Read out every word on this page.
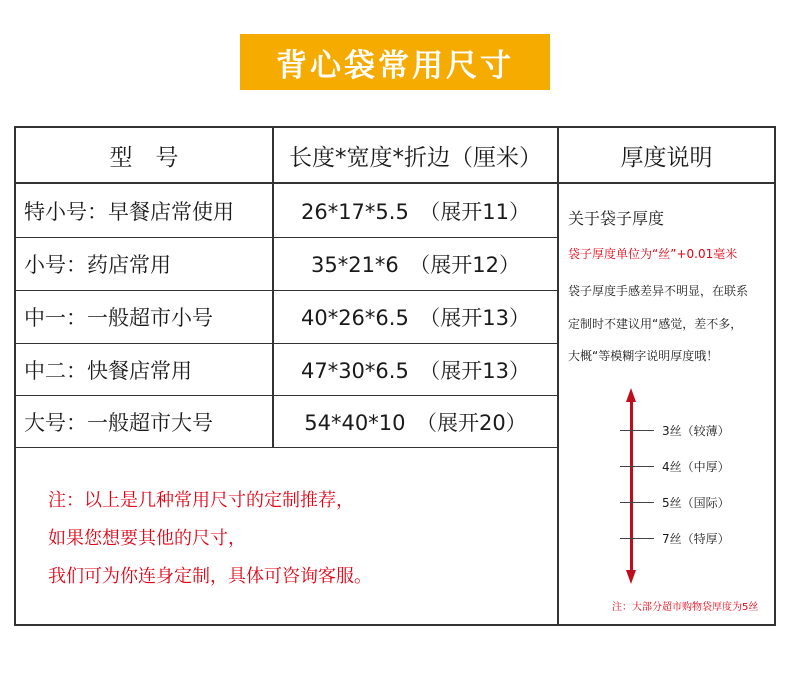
背心袋常用尺寸
型　号	长度*宽度*折边（厘米）	厚度说明
特小号：早餐店常使用	26*17*5.5　（展开11）
小号：药店常用	35*21*6　（展开12）
中一：一般超市小号	40*26*6.5　（展开13）
中二：快餐店常用	47*30*6.5　（展开13）
大号：一般超市大号	54*40*10　（展开20）
注：以上是几种常用尺寸的定制推荐，
如果您想要其他的尺寸，
我们可为你连身定制，具体可咨询客服。
关于袋子厚度
袋子厚度单位为“丝”+0.01毫米
袋子厚度手感差异不明显，在联系
定制时不建议用“感觉，差不多，
大概“等模糊字说明厚度哦！
3丝（较薄）
4丝（中厚）
5丝（国际）
7丝（特厚）
注：大部分超市购物袋厚度为5丝
